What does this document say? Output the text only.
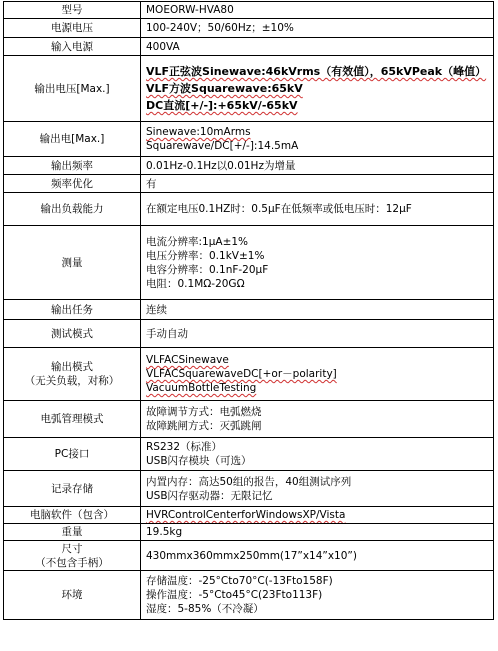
型号	MOEORW-HVA80
电源电压	100-240V；50/60Hz；±10%
输入电源	400VA
输出电压[Max.]	VLF正弦波Sinewave:46kVrms（有效值），65kVPeak（峰值）
VLF方波Squarewave:65kV
DC直流[+/-]:+65kV/-65kV

输出电[Max.]	Sinewave:10mArms
Squarewave/DC[+/-]:14.5mA

输出频率	0.01Hz-0.1Hz以0.01Hz为增量
频率优化	有
输出负载能力	在额定电压0.1HZ时：0.5μF在低频率或低电压时：12μF
测量	电流分辨率:1μA±1%
电压分辨率：0.1kV±1%
电容分辨率：0.1nF-20μF
电阻：0.1MΩ-20GΩ

输出任务	连续
测试模式	手动自动

输出模式
（无关负载，对称）	VLFACSinewave
VLFACSquarewaveDC[+or－polarity]
VacuumBottleTesting

电弧管理模式	故障调节方式：电弧燃烧
故障跳闸方式：灭弧跳闸

PC接口	RS232（标准）
USB闪存模块（可选）

记录存储	内置内存：高达50组的报告，40组测试序列
USB闪存驱动器：无限记忆

电脑软件（包含）	HVRControlCenterforWindowsXP/Vista
重量	19.5kg

尺寸
（不包含手柄）	430mmx360mmx250mm(17”x14”x10”)
环境	存储温度：-25°Cto70°C(-13Fto158F)
操作温度：-5°Cto45°C(23Fto113F)
湿度：5-85%（不冷凝）
